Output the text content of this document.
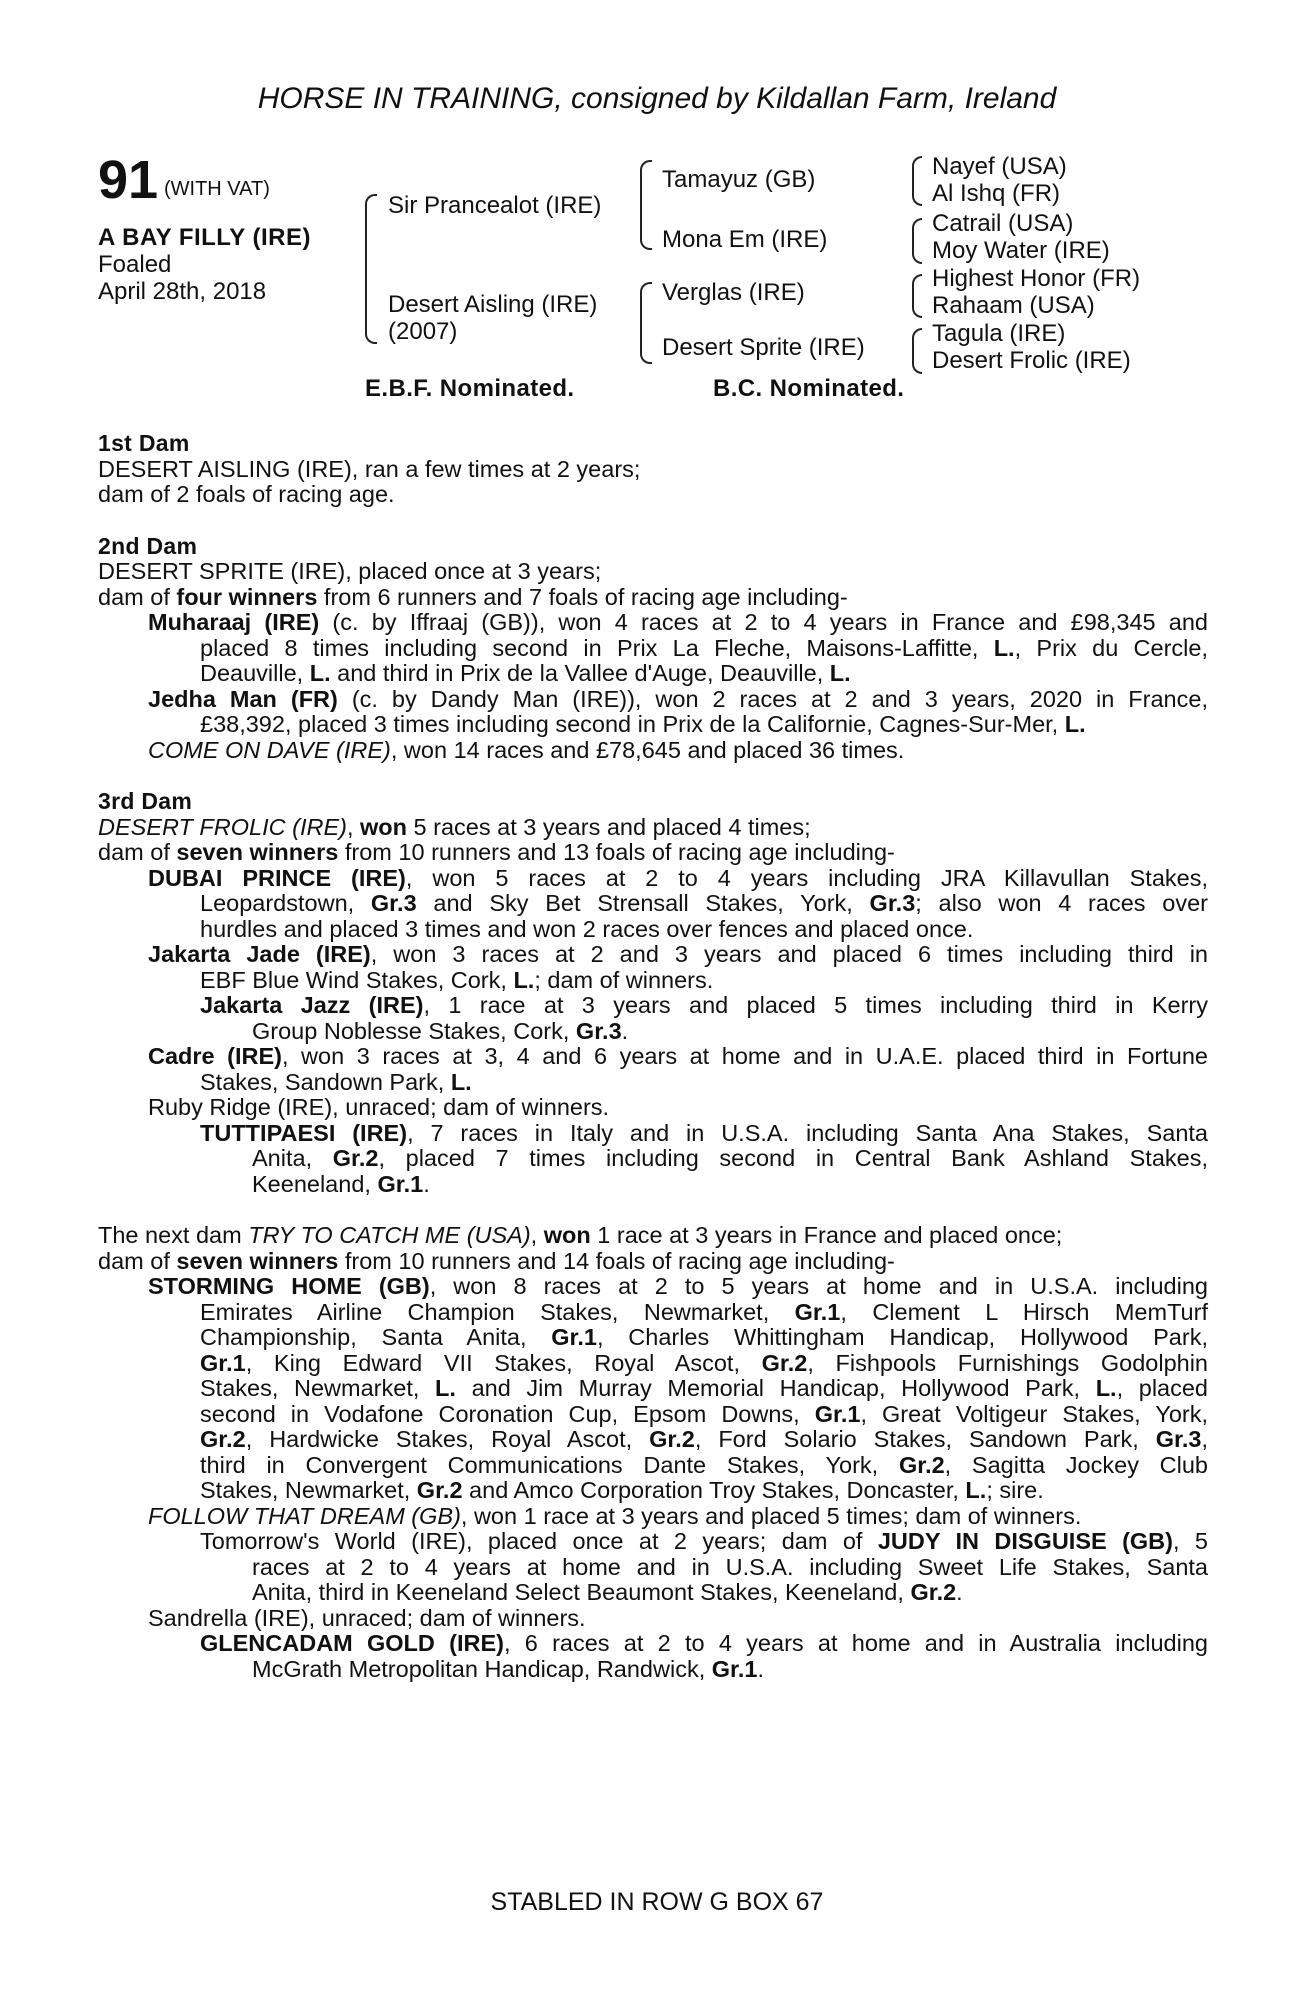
HORSE IN TRAINING, consigned by Kildallan Farm, Ireland
91 (WITH VAT)
A BAY FILLY (IRE)
Foaled
April 28th, 2018
Sir Prancealot (IRE)
Desert Aisling (IRE)
(2007)
Tamayuz (GB)
Mona Em (IRE)
Verglas (IRE)
Desert Sprite (IRE)
Nayef (USA)
Al Ishq (FR)
Catrail (USA)
Moy Water (IRE)
Highest Honor (FR)
Rahaam (USA)
Tagula (IRE)
Desert Frolic (IRE)
E.B.F. Nominated.	B.C. Nominated.
1st Dam
DESERT AISLING (IRE), ran a few times at 2 years;
dam of 2 foals of racing age.
2nd Dam
DESERT SPRITE (IRE), placed once at 3 years;
dam of four winners from 6 runners and 7 foals of racing age including-
Muharaaj (IRE) (c. by Iffraaj (GB)), won 4 races at 2 to 4 years in France and £98,345 and
placed 8 times including second in Prix La Fleche, Maisons-Laffitte, L., Prix du Cercle,
Deauville, L. and third in Prix de la Vallee d'Auge, Deauville, L.
Jedha Man (FR) (c. by Dandy Man (IRE)), won 2 races at 2 and 3 years, 2020 in France,
£38,392, placed 3 times including second in Prix de la Californie, Cagnes-Sur-Mer, L.
COME ON DAVE (IRE), won 14 races and £78,645 and placed 36 times.
3rd Dam
DESERT FROLIC (IRE), won 5 races at 3 years and placed 4 times;
dam of seven winners from 10 runners and 13 foals of racing age including-
DUBAI PRINCE (IRE), won 5 races at 2 to 4 years including JRA Killavullan Stakes,
Leopardstown, Gr.3 and Sky Bet Strensall Stakes, York, Gr.3; also won 4 races over
hurdles and placed 3 times and won 2 races over fences and placed once.
Jakarta Jade (IRE), won 3 races at 2 and 3 years and placed 6 times including third in
EBF Blue Wind Stakes, Cork, L.; dam of winners.
Jakarta Jazz (IRE), 1 race at 3 years and placed 5 times including third in Kerry
Group Noblesse Stakes, Cork, Gr.3.
Cadre (IRE), won 3 races at 3, 4 and 6 years at home and in U.A.E. placed third in Fortune
Stakes, Sandown Park, L.
Ruby Ridge (IRE), unraced; dam of winners.
TUTTIPAESI (IRE), 7 races in Italy and in U.S.A. including Santa Ana Stakes, Santa
Anita, Gr.2, placed 7 times including second in Central Bank Ashland Stakes,
Keeneland, Gr.1.
The next dam TRY TO CATCH ME (USA), won 1 race at 3 years in France and placed once;
dam of seven winners from 10 runners and 14 foals of racing age including-
STORMING HOME (GB), won 8 races at 2 to 5 years at home and in U.S.A. including
Emirates Airline Champion Stakes, Newmarket, Gr.1, Clement L Hirsch MemTurf
Championship, Santa Anita, Gr.1, Charles Whittingham Handicap, Hollywood Park,
Gr.1, King Edward VII Stakes, Royal Ascot, Gr.2, Fishpools Furnishings Godolphin
Stakes, Newmarket, L. and Jim Murray Memorial Handicap, Hollywood Park, L., placed
second in Vodafone Coronation Cup, Epsom Downs, Gr.1, Great Voltigeur Stakes, York,
Gr.2, Hardwicke Stakes, Royal Ascot, Gr.2, Ford Solario Stakes, Sandown Park, Gr.3,
third in Convergent Communications Dante Stakes, York, Gr.2, Sagitta Jockey Club
Stakes, Newmarket, Gr.2 and Amco Corporation Troy Stakes, Doncaster, L.; sire.
FOLLOW THAT DREAM (GB), won 1 race at 3 years and placed 5 times; dam of winners.
Tomorrow's World (IRE), placed once at 2 years; dam of JUDY IN DISGUISE (GB), 5
races at 2 to 4 years at home and in U.S.A. including Sweet Life Stakes, Santa
Anita, third in Keeneland Select Beaumont Stakes, Keeneland, Gr.2.
Sandrella (IRE), unraced; dam of winners.
GLENCADAM GOLD (IRE), 6 races at 2 to 4 years at home and in Australia including
McGrath Metropolitan Handicap, Randwick, Gr.1.
STABLED IN ROW G BOX 67
